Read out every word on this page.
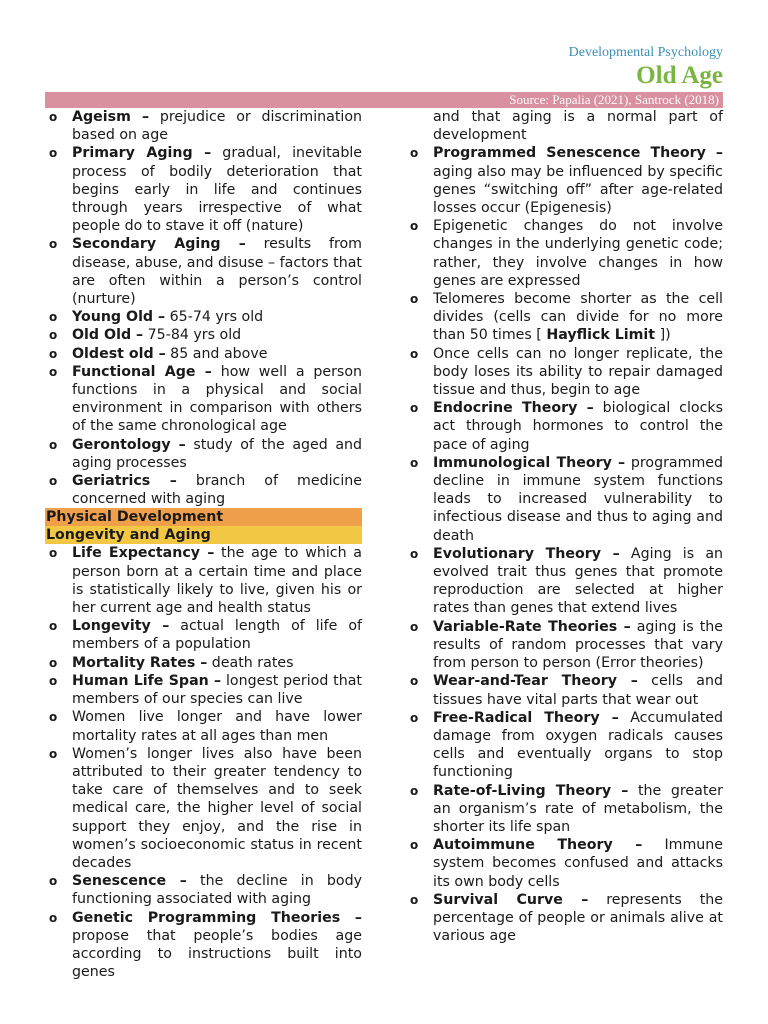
Developmental Psychology
Old Age
Source: Papalia (2021), Santrock (2018)
o Ageism – prejudice or discrimination based on age
o Primary Aging – gradual, inevitable process of bodily deterioration that begins early in life and continues through years irrespective of what people do to stave it off (nature)
o Secondary Aging – results from disease, abuse, and disuse – factors that are often within a person’s control (nurture)
o Young Old – 65-74 yrs old
o Old Old – 75-84 yrs old
o Oldest old – 85 and above
o Functional Age – how well a person functions in a physical and social environment in comparison with others of the same chronological age
o Gerontology – study of the aged and aging processes
o Geriatrics – branch of medicine concerned with aging
Physical Development
Longevity and Aging
o Life Expectancy – the age to which a person born at a certain time and place is statistically likely to live, given his or her current age and health status
o Longevity – actual length of life of members of a population
o Mortality Rates – death rates
o Human Life Span – longest period that members of our species can live
o Women live longer and have lower mortality rates at all ages than men
o Women’s longer lives also have been attributed to their greater tendency to take care of themselves and to seek medical care, the higher level of social support they enjoy, and the rise in women’s socioeconomic status in recent decades
o Senescence – the decline in body functioning associated with aging
o Genetic Programming Theories – propose that people’s bodies age according to instructions built into genes
and that aging is a normal part of development
o Programmed Senescence Theory – aging also may be influenced by specific genes “switching off” after age-related losses occur (Epigenesis)
o Epigenetic changes do not involve changes in the underlying genetic code; rather, they involve changes in how genes are expressed
o Telomeres become shorter as the cell divides (cells can divide for no more than 50 times [ Hayflick Limit ])
o Once cells can no longer replicate, the body loses its ability to repair damaged tissue and thus, begin to age
o Endocrine Theory – biological clocks act through hormones to control the pace of aging
o Immunological Theory – programmed decline in immune system functions leads to increased vulnerability to infectious disease and thus to aging and death
o Evolutionary Theory – Aging is an evolved trait thus genes that promote reproduction are selected at higher rates than genes that extend lives
o Variable-Rate Theories – aging is the results of random processes that vary from person to person (Error theories)
o Wear-and-Tear Theory – cells and tissues have vital parts that wear out
o Free-Radical Theory – Accumulated damage from oxygen radicals causes cells and eventually organs to stop functioning
o Rate-of-Living Theory – the greater an organism’s rate of metabolism, the shorter its life span
o Autoimmune Theory – Immune system becomes confused and attacks its own body cells
o Survival Curve – represents the percentage of people or animals alive at various age
